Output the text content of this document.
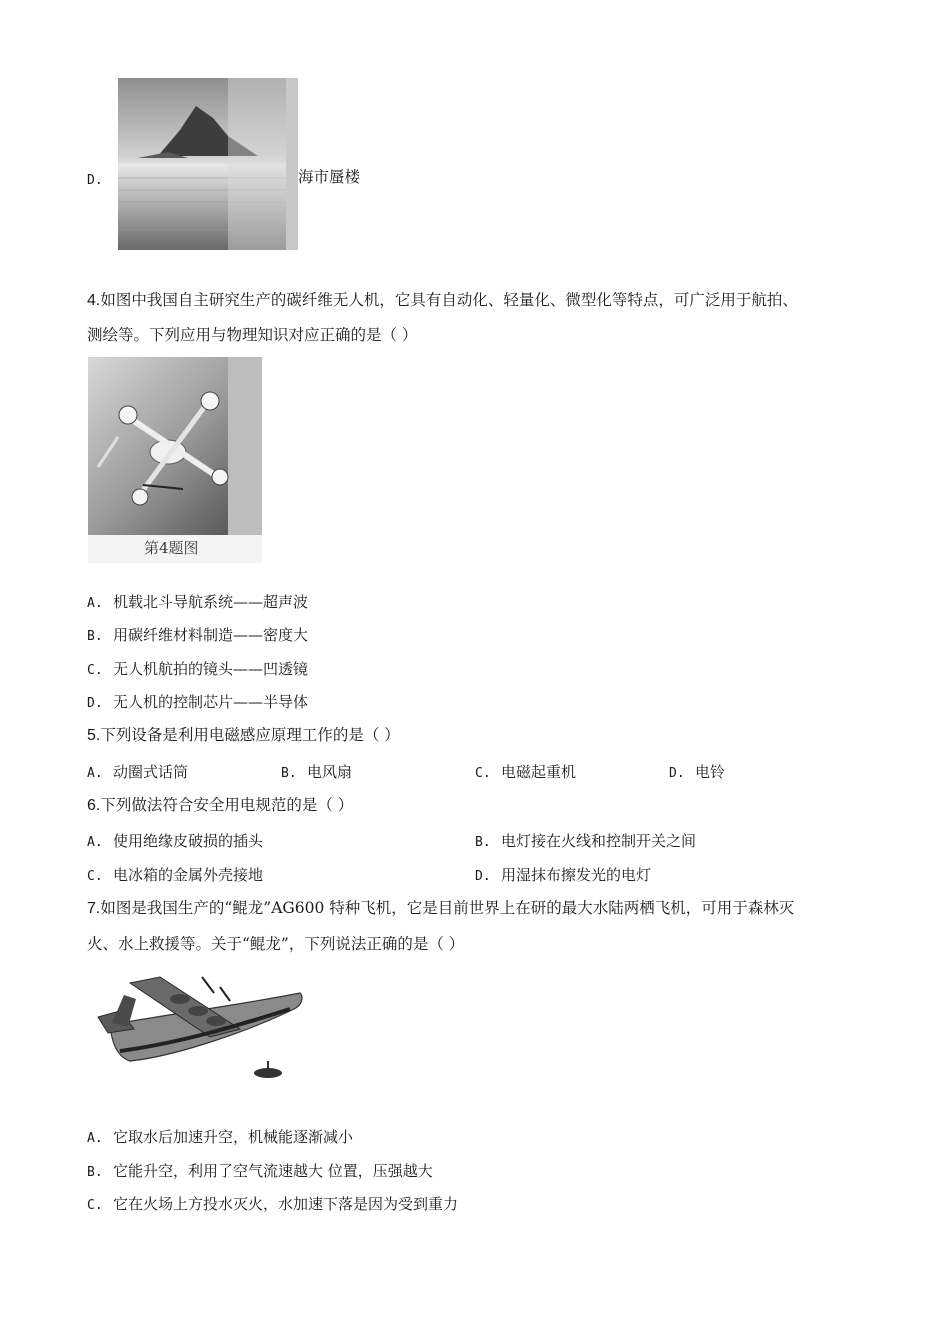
D.	海市蜃楼
4.如图中我国自主研究生产的碳纤维无人机，它具有自动化、轻量化、微型化等特点，可广泛用于航拍、
测绘等。下列应用与物理知识对应正确的是（ ）
第4题图
A. 机载北斗导航系统——超声波
B. 用碳纤维材料制造——密度大
C. 无人机航拍的镜头——凹透镜
D. 无人机的控制芯片——半导体
5.下列设备是利用电磁感应原理工作的是（ ）
A. 动圈式话筒	B. 电风扇	C. 电磁起重机	D. 电铃
6.下列做法符合安全用电规范的是（ ）
A. 使用绝缘皮破损的插头	B. 电灯接在火线和控制开关之间
C. 电冰箱的金属外壳接地	D. 用湿抹布擦发光的电灯
7.如图是我国生产的“鲲龙”AG600 特种飞机，它是目前世界上在研的最大水陆两栖飞机，可用于森林灭
火、水上救援等。关于“鲲龙”，下列说法正确的是（ ）
A. 它取水后加速升空，机械能逐渐减小
B. 它能升空，利用了空气流速越大 位置，压强越大
C. 它在火场上方投水灭火，水加速下落是因为受到重力
